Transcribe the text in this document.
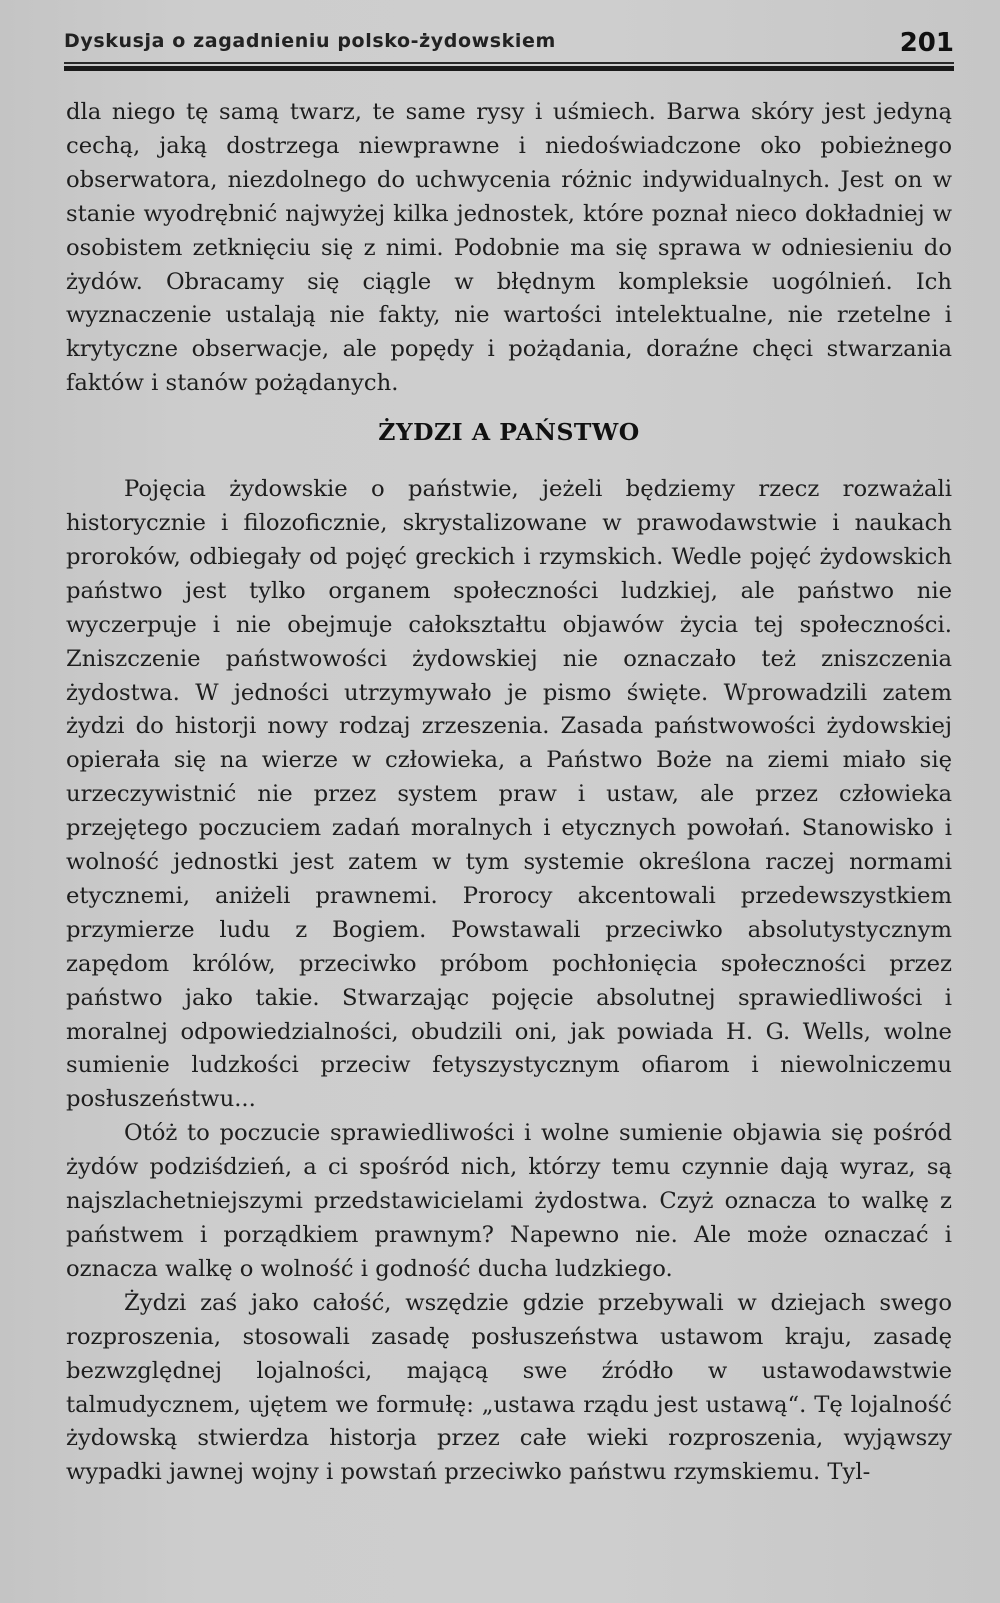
Dyskusja o zagadnieniu polsko-żydowskiem	201

dla niego tę samą twarz, te same rysy i uśmiech. Barwa skóry jest jedyną cechą, jaką dostrzega niewprawne i niedoświadczone oko pobieżnego obserwatora, niezdolnego do uchwycenia różnic indywidualnych. Jest on w stanie wyodrębnić najwyżej kilka jednostek, które poznał nieco dokładniej w osobistem zetknięciu się z nimi. Podobnie ma się sprawa w odniesieniu do żydów. Obracamy się ciągle w błędnym kompleksie uogólnień. Ich wyznaczenie ustalają nie fakty, nie wartości intelektualne, nie rzetelne i krytyczne obserwacje, ale popędy i pożądania, doraźne chęci stwarzania faktów i stanów pożądanych.

ŻYDZI A PAŃSTWO

Pojęcia żydowskie o państwie, jeżeli będziemy rzecz rozważali historycznie i filozoficznie, skrystalizowane w prawodawstwie i naukach proroków, odbiegały od pojęć greckich i rzymskich. Wedle pojęć żydowskich państwo jest tylko organem społeczności ludzkiej, ale państwo nie wyczerpuje i nie obejmuje całokształtu objawów życia tej społeczności. Zniszczenie państwowości żydowskiej nie oznaczało też zniszczenia żydostwa. W jedności utrzymywało je pismo święte. Wprowadzili zatem żydzi do historji nowy rodzaj zrzeszenia. Zasada państwowości żydowskiej opierała się na wierze w człowieka, a Państwo Boże na ziemi miało się urzeczywistnić nie przez system praw i ustaw, ale przez człowieka przejętego poczuciem zadań moralnych i etycznych powołań. Stanowisko i wolność jednostki jest zatem w tym systemie określona raczej normami etycznemi, aniżeli prawnemi. Prorocy akcentowali przedewszystkiem przymierze ludu z Bogiem. Powstawali przeciwko absolutystycznym zapędom królów, przeciwko próbom pochłonięcia społeczności przez państwo jako takie. Stwarzając pojęcie absolutnej sprawiedliwości i moralnej odpowiedzialności, obudzili oni, jak powiada H. G. Wells, wolne sumienie ludzkości przeciw fetyszystycznym ofiarom i niewolniczemu posłuszeństwu...

Otóż to poczucie sprawiedliwości i wolne sumienie objawia się pośród żydów podziśdzień, a ci spośród nich, którzy temu czynnie dają wyraz, są najszlachetniejszymi przedstawicielami żydostwa. Czyż oznacza to walkę z państwem i porządkiem prawnym? Napewno nie. Ale może oznaczać i oznacza walkę o wolność i godność ducha ludzkiego.

Żydzi zaś jako całość, wszędzie gdzie przebywali w dziejach swego rozproszenia, stosowali zasadę posłuszeństwa ustawom kraju, zasadę bezwzględnej lojalności, mającą swe źródło w ustawodawstwie talmudycznem, ujętem we formułę: „ustawa rządu jest ustawą“. Tę lojalność żydowską stwierdza historja przez całe wieki rozproszenia, wyjąwszy wypadki jawnej wojny i powstań przeciwko państwu rzymskiemu. Tyl-
